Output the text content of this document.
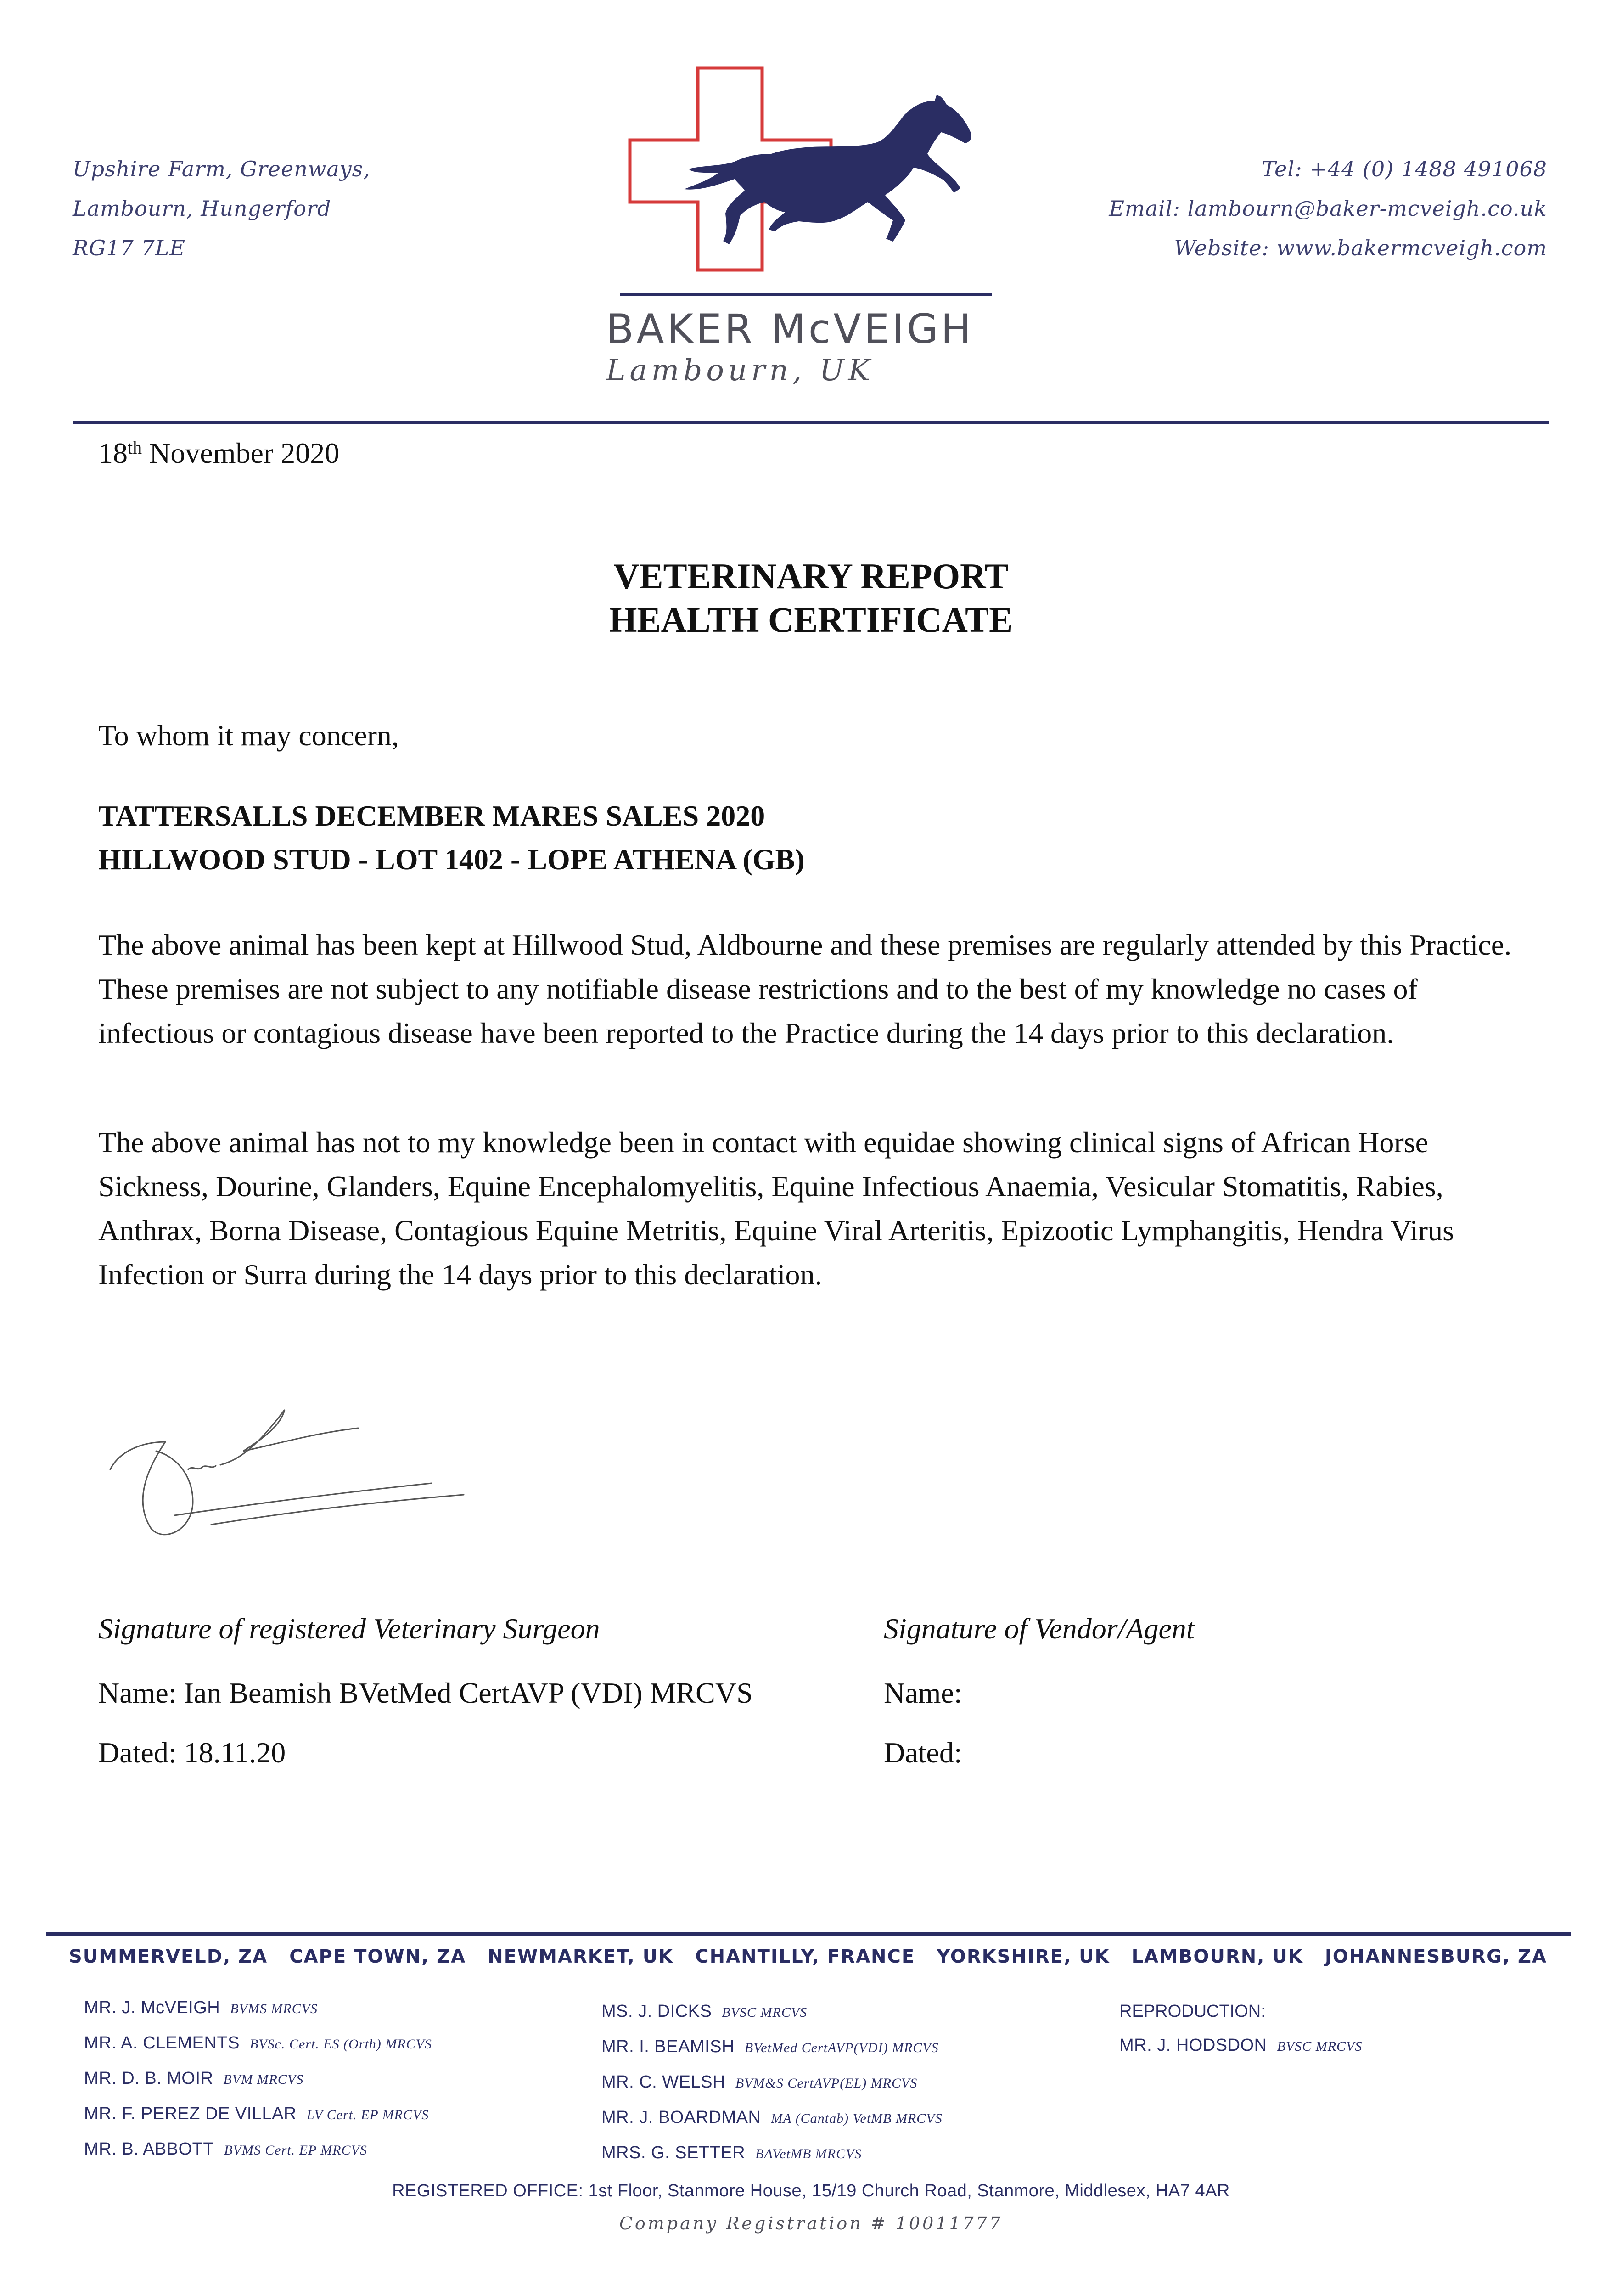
Upshire Farm, Greenways,
Lambourn, Hungerford
RG17 7LE
BAKER McVEIGH
Lambourn, UK
Tel: +44 (0) 1488 491068
Email: lambourn@baker-mcveigh.co.uk
Website: www.bakermcveigh.com
18th November 2020
VETERINARY REPORT
HEALTH CERTIFICATE
To whom it may concern,
TATTERSALLS DECEMBER MARES SALES 2020
HILLWOOD STUD - LOT 1402 - LOPE ATHENA (GB)
The above animal has been kept at Hillwood Stud, Aldbourne and these premises are regularly attended by this Practice. These premises are not subject to any notifiable disease restrictions and to the best of my knowledge no cases of infectious or contagious disease have been reported to the Practice during the 14 days prior to this declaration.
The above animal has not to my knowledge been in contact with equidae showing clinical signs of African Horse Sickness, Dourine, Glanders, Equine Encephalomyelitis, Equine Infectious Anaemia, Vesicular Stomatitis, Rabies, Anthrax, Borna Disease, Contagious Equine Metritis, Equine Viral Arteritis, Epizootic Lymphangitis, Hendra Virus Infection or Surra during the 14 days prior to this declaration.
Signature of registered Veterinary Surgeon	Signature of Vendor/Agent
Name: Ian Beamish BVetMed CertAVP (VDI) MRCVS
Dated: 18.11.20
Name:
Dated:
SUMMERVELD, ZA CAPE TOWN, ZA NEWMARKET, UK CHANTILLY, FRANCE YORKSHIRE, UK LAMBOURN, UK JOHANNESBURG, ZA
MR. J. McVEIGH BVMS MRCVS
MR. A. CLEMENTS BVSc. Cert. ES (Orth) MRCVS
MR. D. B. MOIR BVM MRCVS
MR. F. PEREZ DE VILLAR LV Cert. EP MRCVS
MR. B. ABBOTT BVMS Cert. EP MRCVS
MS. J. DICKS BVSC MRCVS
MR. I. BEAMISH BVetMed CertAVP(VDI) MRCVS
MR. C. WELSH BVM&S CertAVP(EL) MRCVS
MR. J. BOARDMAN MA (Cantab) VetMB MRCVS
MRS. G. SETTER BAVetMB MRCVS
REPRODUCTION:
MR. J. HODSDON BVSC MRCVS
REGISTERED OFFICE: 1st Floor, Stanmore House, 15/19 Church Road, Stanmore, Middlesex, HA7 4AR
Company Registration # 10011777
